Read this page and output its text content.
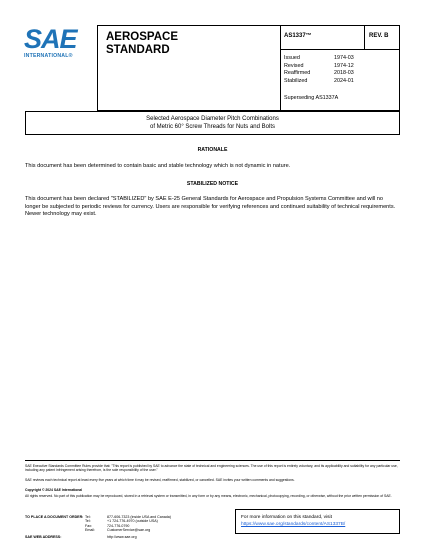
SAE
INTERNATIONAL®
AEROSPACE
STANDARD
AS1337™	REV. B
Issued	1974-03
Revised	1974-12
Reaffirmed	2018-03
Stabilized	2024-01
Superseding AS1337A
Selected Aerospace Diameter Pitch Combinations
of Metric 60° Screw Threads for Nuts and Bolts
RATIONALE
This document has been determined to contain basic and stable technology which is not dynamic in nature.
STABILIZED NOTICE
This document has been declared "STABILIZED" by SAE E-25 General Standards for Aerospace and Propulsion Systems Committee and will no longer be subjected to periodic reviews for currency. Users are responsible for verifying references and continued suitability of technical requirements. Newer technology may exist.
SAE Executive Standards Committee Rules provide that: "This report is published by SAE to advance the state of technical and engineering sciences. The use of this report is entirely voluntary, and its applicability and suitability for any particular use, including any patent infringement arising therefrom, is the sole responsibility of the user."
SAE reviews each technical report at least every five years at which time it may be revised, reaffirmed, stabilized, or cancelled. SAE invites your written comments and suggestions.
Copyright © 2024 SAE International
All rights reserved. No part of this publication may be reproduced, stored in a retrieval system or transmitted, in any form or by any means, electronic, mechanical, photocopying, recording, or otherwise, without the prior written permission of SAE.
TO PLACE A DOCUMENT ORDER: Tel:	877-606-7323 (inside USA and Canada)
Tel:	+1 724-776-4970 (outside USA)
Fax:	724-776-0790
Email:	CustomerService@sae.org
SAE WEB ADDRESS:	http://www.sae.org
For more information on this standard, visit
https://www.sae.org/standards/content/AS1337B/
